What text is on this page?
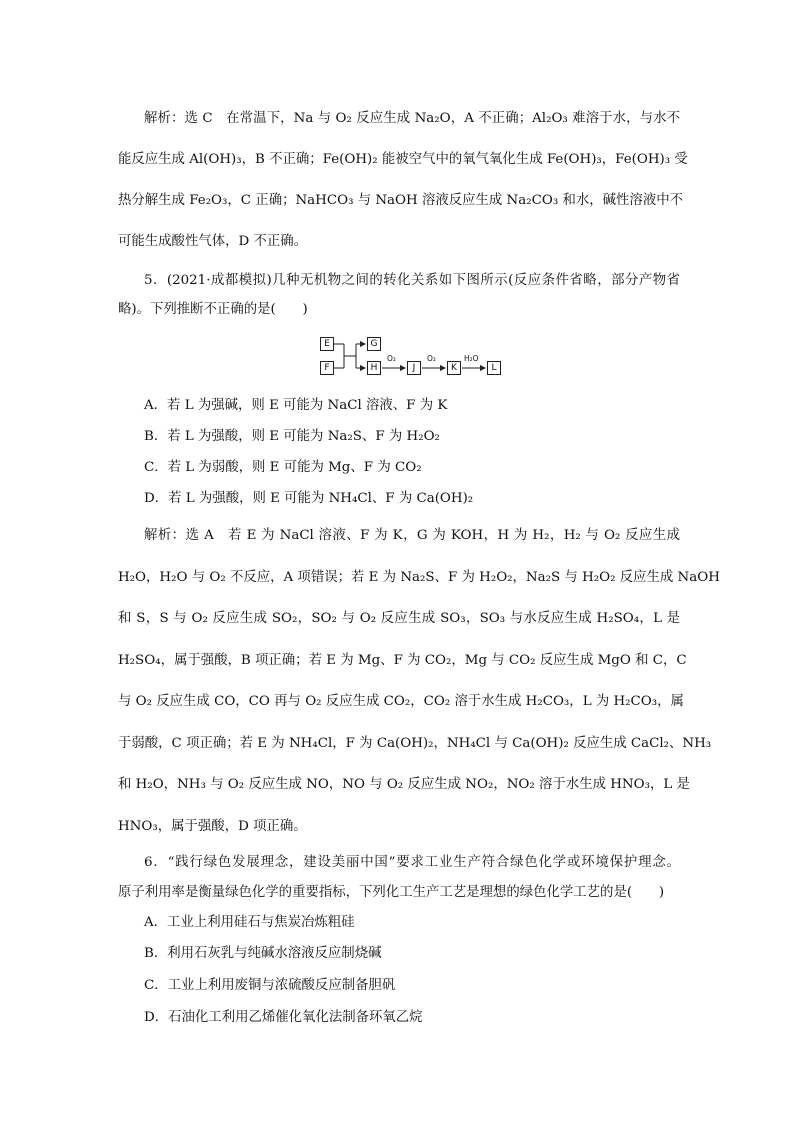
解析：选 C　在常温下，Na 与 O₂ 反应生成 Na₂O，A 不正确；Al₂O₃ 难溶于水，与水不
能反应生成 Al(OH)₃，B 不正确；Fe(OH)₂ 能被空气中的氧气氧化生成 Fe(OH)₃，Fe(OH)₃ 受
热分解生成 Fe₂O₃，C 正确；NaHCO₃ 与 NaOH 溶液反应生成 Na₂CO₃ 和水，碱性溶液中不
可能生成酸性气体，D 不正确。
5．(2021·成都模拟)几种无机物之间的转化关系如下图所示(反应条件省略，部分产物省
略)。下列推断不正确的是(　　)
E
F
G
H	J	K	L
O₂	O₂	H₂O
A．若 L 为强碱，则 E 可能为 NaCl 溶液、F 为 K
B．若 L 为强酸，则 E 可能为 Na₂S、F 为 H₂O₂
C．若 L 为弱酸，则 E 可能为 Mg、F 为 CO₂
D．若 L 为强酸，则 E 可能为 NH₄Cl、F 为 Ca(OH)₂
解析：选 A　若 E 为 NaCl 溶液、F 为 K，G 为 KOH，H 为 H₂，H₂ 与 O₂ 反应生成
H₂O，H₂O 与 O₂ 不反应，A 项错误；若 E 为 Na₂S、F 为 H₂O₂，Na₂S 与 H₂O₂ 反应生成 NaOH
和 S，S 与 O₂ 反应生成 SO₂，SO₂ 与 O₂ 反应生成 SO₃，SO₃ 与水反应生成 H₂SO₄，L 是
H₂SO₄，属于强酸，B 项正确；若 E 为 Mg、F 为 CO₂，Mg 与 CO₂ 反应生成 MgO 和 C，C
与 O₂ 反应生成 CO，CO 再与 O₂ 反应生成 CO₂，CO₂ 溶于水生成 H₂CO₃，L 为 H₂CO₃，属
于弱酸，C 项正确；若 E 为 NH₄Cl，F 为 Ca(OH)₂，NH₄Cl 与 Ca(OH)₂ 反应生成 CaCl₂、NH₃
和 H₂O，NH₃ 与 O₂ 反应生成 NO，NO 与 O₂ 反应生成 NO₂，NO₂ 溶于水生成 HNO₃，L 是
HNO₃，属于强酸，D 项正确。
6．“践行绿色发展理念，建设美丽中国”要求工业生产符合绿色化学或环境保护理念。
原子利用率是衡量绿色化学的重要指标，下列化工生产工艺是理想的绿色化学工艺的是(　　)
A．工业上利用硅石与焦炭冶炼粗硅
B．利用石灰乳与纯碱水溶液反应制烧碱
C．工业上利用废铜与浓硫酸反应制备胆矾
D．石油化工利用乙烯催化氧化法制备环氧乙烷
